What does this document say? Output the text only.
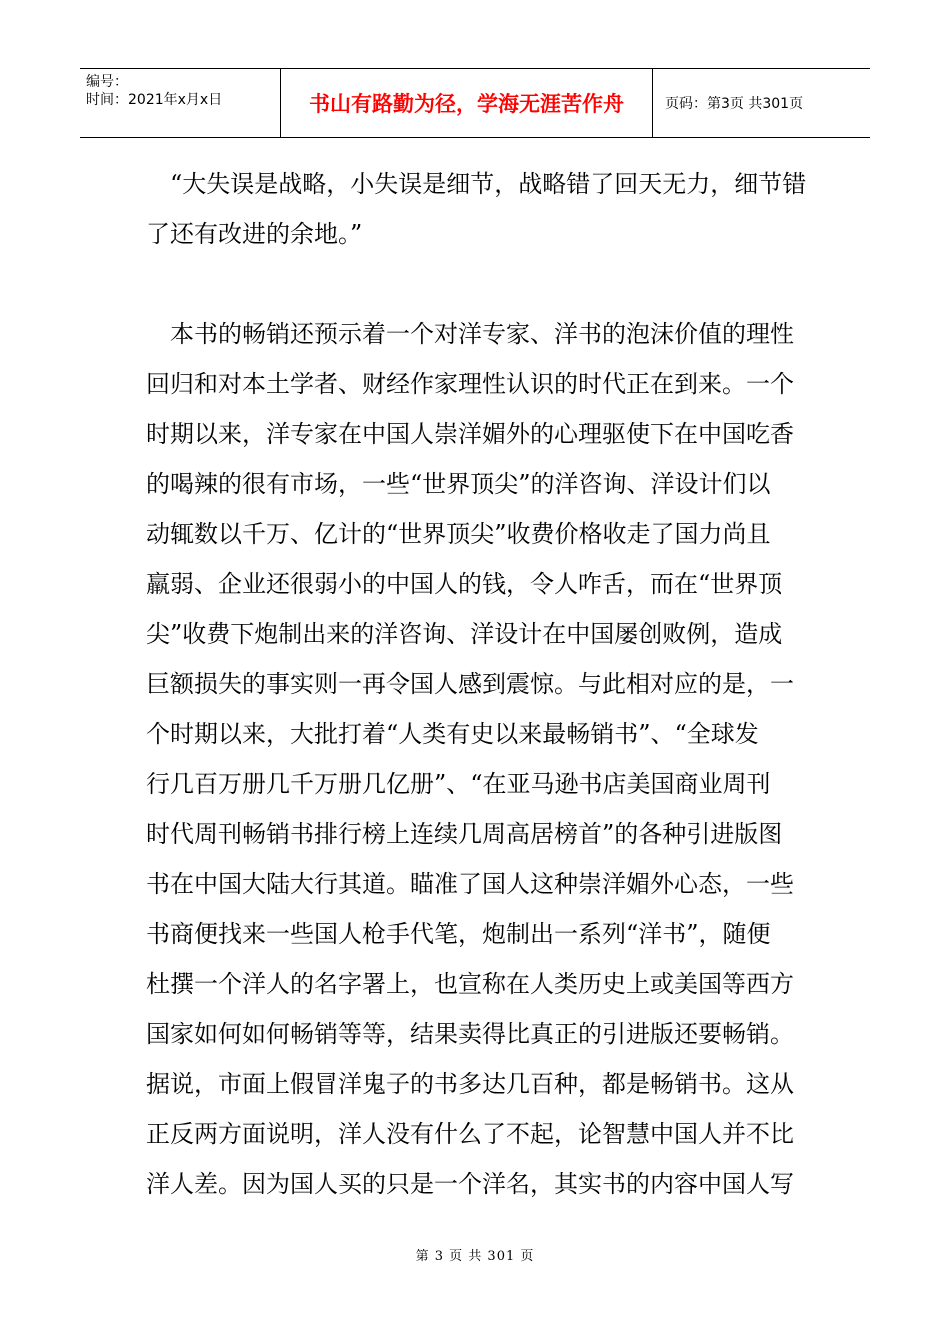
编号：
时间：2021年x月x日	书山有路勤为径，学海无涯苦作舟	页码：第3页 共301页

“大失误是战略，小失误是细节，战略错了回天无力，细节错
了还有改进的余地。”

本书的畅销还预示着一个对洋专家、洋书的泡沫价值的理性
回归和对本土学者、财经作家理性认识的时代正在到来。一个
时期以来，洋专家在中国人崇洋媚外的心理驱使下在中国吃香
的喝辣的很有市场，一些“世界顶尖”的洋咨询、洋设计们以
动辄数以千万、亿计的“世界顶尖”收费价格收走了国力尚且
羸弱、企业还很弱小的中国人的钱，令人咋舌，而在“世界顶
尖”收费下炮制出来的洋咨询、洋设计在中国屡创败例，造成
巨额损失的事实则一再令国人感到震惊。与此相对应的是，一
个时期以来，大批打着“人类有史以来最畅销书”、“全球发
行几百万册几千万册几亿册”、“在亚马逊书店美国商业周刊
时代周刊畅销书排行榜上连续几周高居榜首”的各种引进版图
书在中国大陆大行其道。瞄准了国人这种崇洋媚外心态，一些
书商便找来一些国人枪手代笔，炮制出一系列“洋书”，随便
杜撰一个洋人的名字署上，也宣称在人类历史上或美国等西方
国家如何如何畅销等等，结果卖得比真正的引进版还要畅销。
据说，市面上假冒洋鬼子的书多达几百种，都是畅销书。这从
正反两方面说明，洋人没有什么了不起，论智慧中国人并不比
洋人差。因为国人买的只是一个洋名，其实书的内容中国人写

第 3 页 共 301 页
